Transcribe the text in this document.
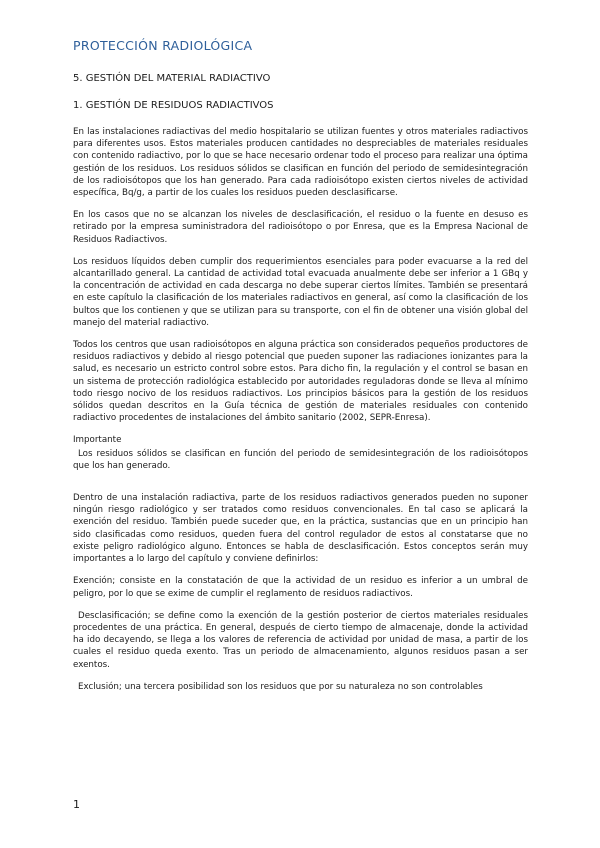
PROTECCIÓN RADIOLÓGICA
5. GESTIÓN DEL MATERIAL RADIACTIVO
1. GESTIÓN DE RESIDUOS RADIACTIVOS

En las instalaciones radiactivas del medio hospitalario se utilizan fuentes y otros materiales radiactivos para diferentes usos. Estos materiales producen cantidades no despreciables de materiales residuales con contenido radiactivo, por lo que se hace necesario ordenar todo el proceso para realizar una óptima gestión de los residuos. Los residuos sólidos se clasifican en función del periodo de semidesintegración de los radioisótopos que los han generado. Para cada radioisótopo existen ciertos niveles de actividad específica, Bq/g, a partir de los cuales los residuos pueden desclasificarse.

En los casos que no se alcanzan los niveles de desclasificación, el residuo o la fuente en desuso es retirado por la empresa suministradora del radioisótopo o por Enresa, que es la Empresa Nacional de Residuos Radiactivos.

Los residuos líquidos deben cumplir dos requerimientos esenciales para poder evacuarse a la red del alcantarillado general. La cantidad de actividad total evacuada anualmente debe ser inferior a 1 GBq y la concentración de actividad en cada descarga no debe superar ciertos límites. También se presentará en este capítulo la clasificación de los materiales radiactivos en general, así como la clasificación de los bultos que los contienen y que se utilizan para su transporte, con el fin de obtener una visión global del manejo del material radiactivo.

Todos los centros que usan radioisótopos en alguna práctica son considerados pequeños productores de residuos radiactivos y debido al riesgo potencial que pueden suponer las radiaciones ionizantes para la salud, es necesario un estricto control sobre estos. Para dicho fin, la regulación y el control se basan en un sistema de protección radiológica establecido por autoridades reguladoras donde se lleva al mínimo todo riesgo nocivo de los residuos radiactivos. Los principios básicos para la gestión de los residuos sólidos quedan descritos en la Guía técnica de gestión de materiales residuales con contenido radiactivo procedentes de instalaciones del ámbito sanitario (2002, SEPR-Enresa).

Importante

Los residuos sólidos se clasifican en función del periodo de semidesintegración de los radioisótopos que los han generado.

Dentro de una instalación radiactiva, parte de los residuos radiactivos generados pueden no suponer ningún riesgo radiológico y ser tratados como residuos convencionales. En tal caso se aplicará la exención del residuo. También puede suceder que, en la práctica, sustancias que en un principio han sido clasificadas como residuos, queden fuera del control regulador de estos al constatarse que no existe peligro radiológico alguno. Entonces se habla de desclasificación. Estos conceptos serán muy importantes a lo largo del capítulo y conviene definirlos:

Exención; consiste en la constatación de que la actividad de un residuo es inferior a un umbral de peligro, por lo que se exime de cumplir el reglamento de residuos radiactivos.

Desclasificación; se define como la exención de la gestión posterior de ciertos materiales residuales procedentes de una práctica. En general, después de cierto tiempo de almacenaje, donde la actividad ha ido decayendo, se llega a los valores de referencia de actividad por unidad de masa, a partir de los cuales el residuo queda exento. Tras un periodo de almacenamiento, algunos residuos pasan a ser exentos.

Exclusión; una tercera posibilidad son los residuos que por su naturaleza no son controlables

1
